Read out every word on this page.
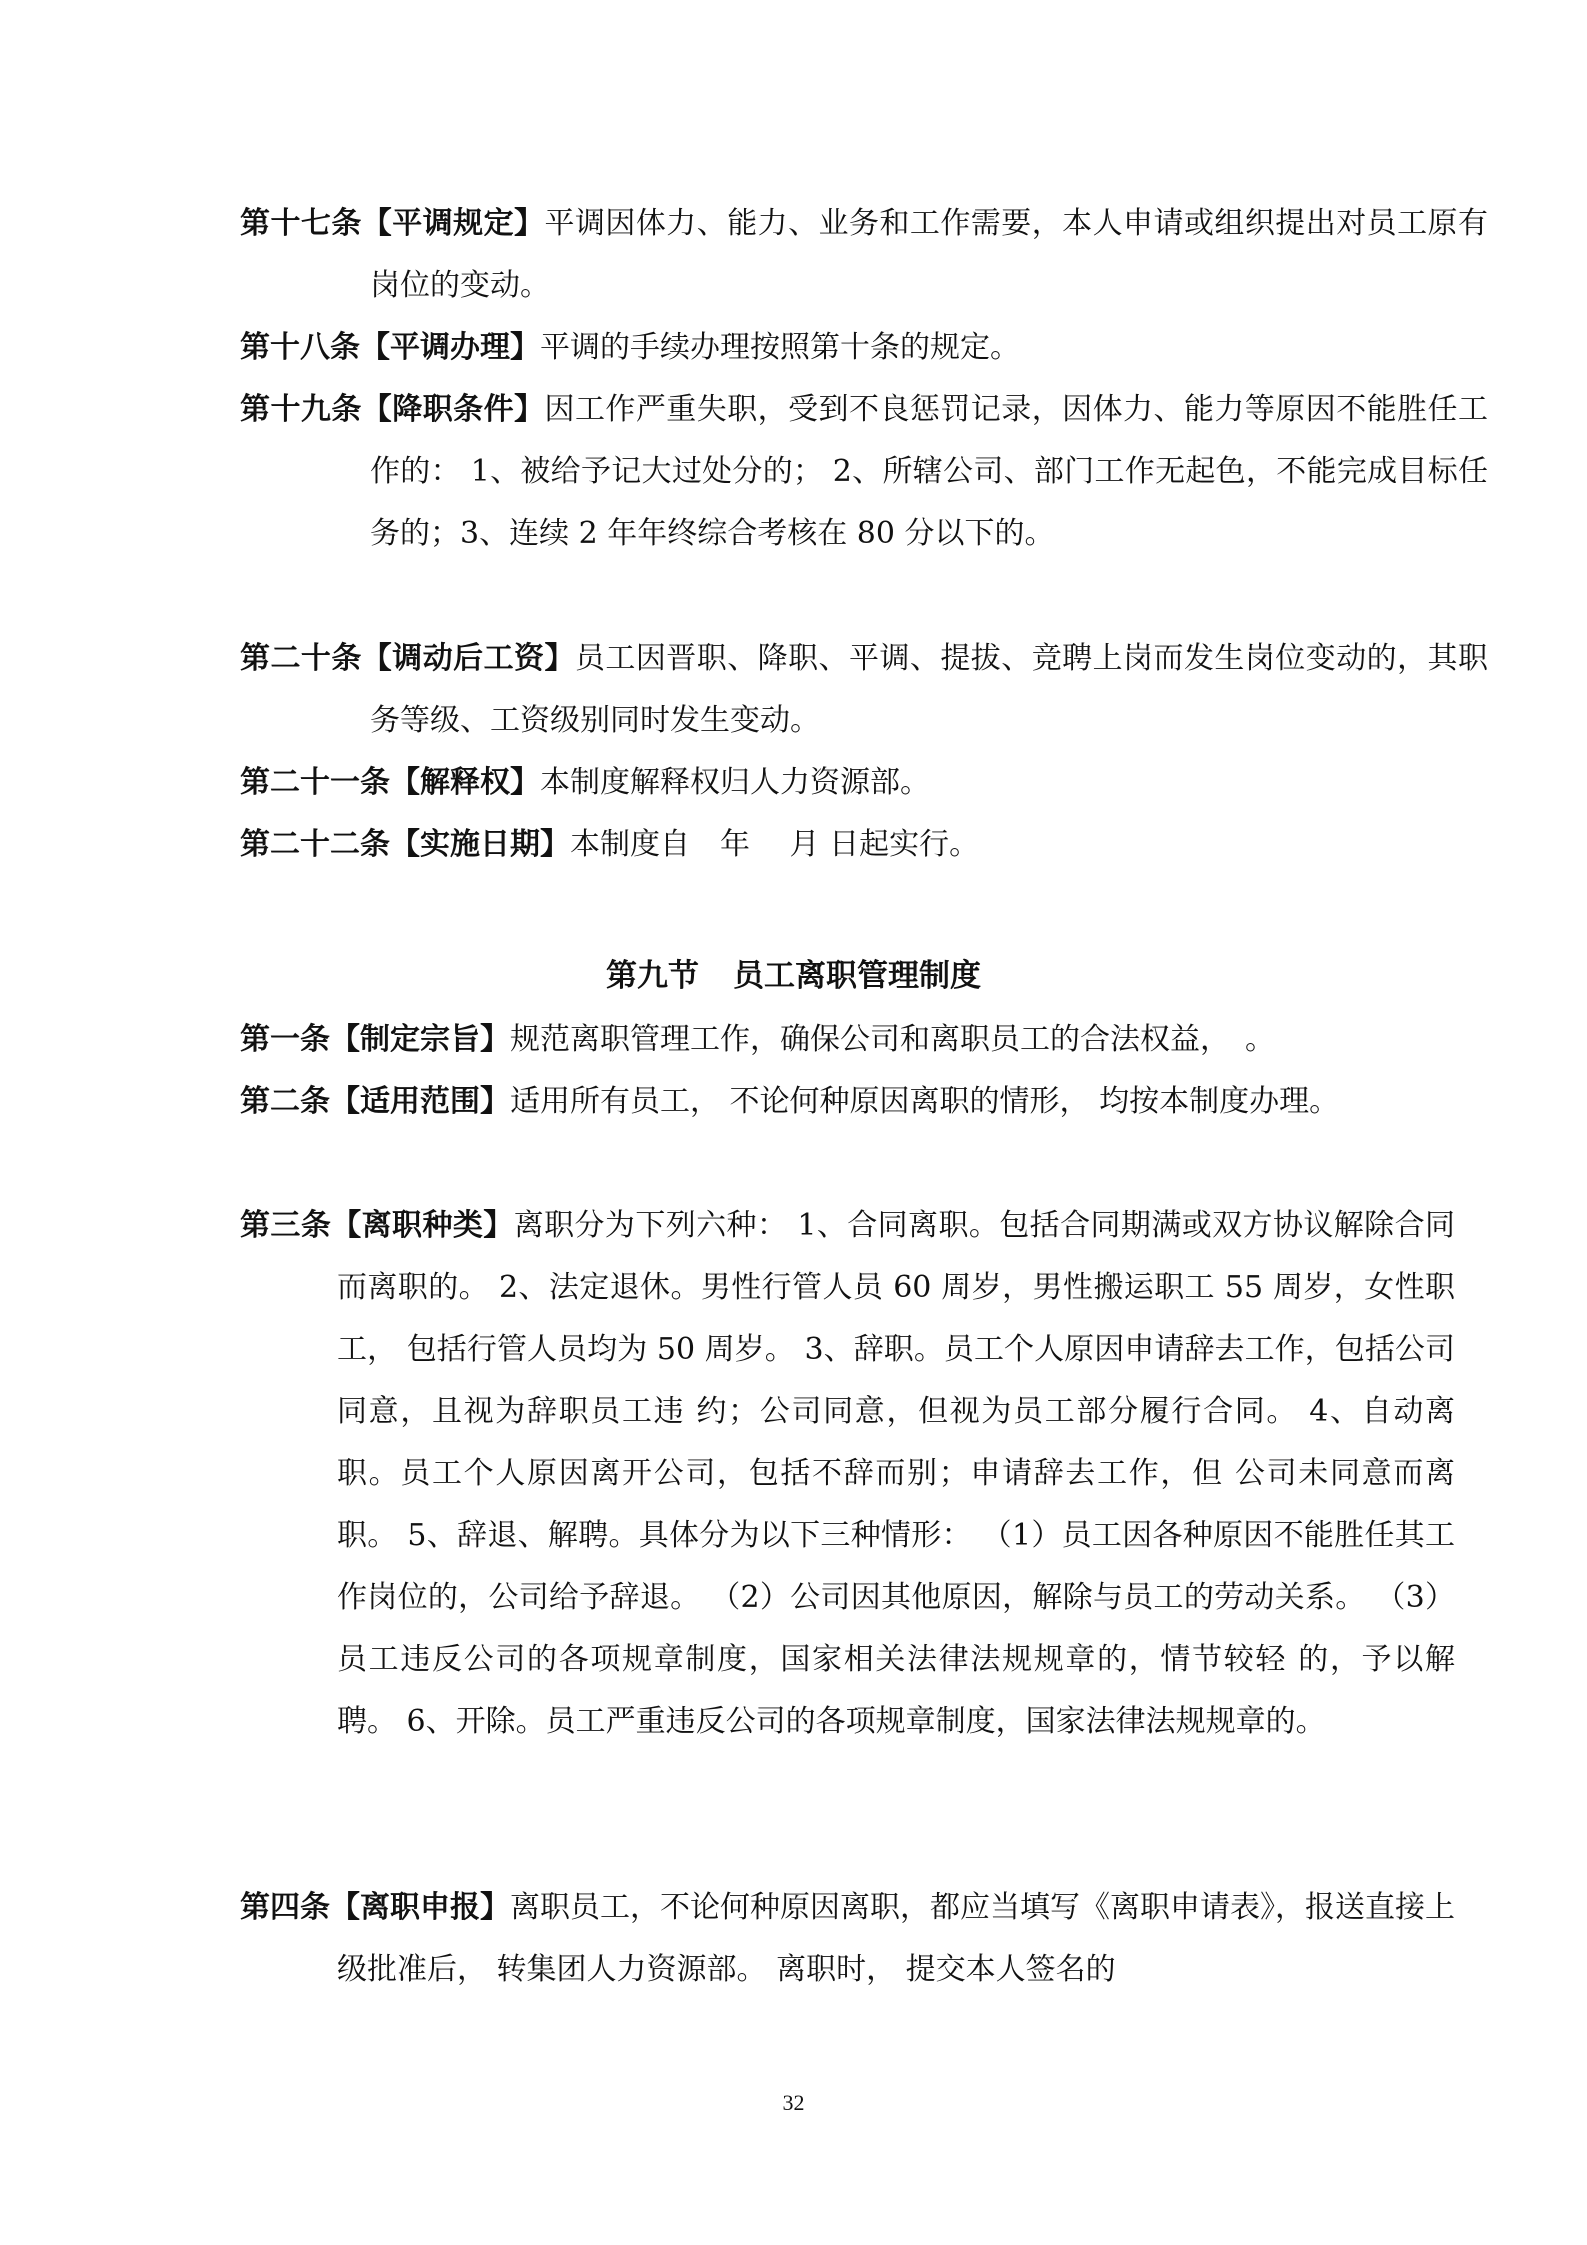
第十七条【平调规定】平调因体力、能力、业务和工作需要，本人申请或组织提出对员工原有岗位的变动。
第十八条【平调办理】平调的手续办理按照第十条的规定。
第十九条【降职条件】因工作严重失职，受到不良惩罚记录，因体力、能力等原因不能胜任工作的： 1、被给予记大过处分的； 2、所辖公司、部门工作无起色，不能完成目标任务的；3、连续 2 年年终综合考核在 80 分以下的。
第二十条【调动后工资】员工因晋职、降职、平调、提拔、竞聘上岗而发生岗位变动的，其职务等级、工资级别同时发生变动。
第二十一条【解释权】本制度解释权归人力资源部。
第二十二条【实施日期】本制度自　年　 月 日起实行。
第九节 员工离职管理制度
第一条【制定宗旨】规范离职管理工作，确保公司和离职员工的合法权益，　。
第二条【适用范围】适用所有员工， 不论何种原因离职的情形， 均按本制度办理。
第三条【离职种类】离职分为下列六种： 1、合同离职。包括合同期满或双方协议解除合同而离职的。 2、法定退休。男性行管人员 60 周岁，男性搬运职工 55 周岁，女性职工， 包括行管人员均为 50 周岁。 3、辞职。员工个人原因申请辞去工作，包括公司同意，且视为辞职员工违 约；公司同意，但视为员工部分履行合同。 4、自动离职。员工个人原因离开公司，包括不辞而别；申请辞去工作，但 公司未同意而离职。 5、辞退、解聘。具体分为以下三种情形： （1）员工因各种原因不能胜任其工作岗位的，公司给予辞退。 （2）公司因其他原因，解除与员工的劳动关系。 （3）员工违反公司的各项规章制度，国家相关法律法规规章的，情节较轻 的，予以解聘。 6、开除。员工严重违反公司的各项规章制度，国家法律法规规章的。
第四条【离职申报】离职员工，不论何种原因离职，都应当填写《离职申请表》，报送直接上级批准后， 转集团人力资源部。 离职时， 提交本人签名的
32
